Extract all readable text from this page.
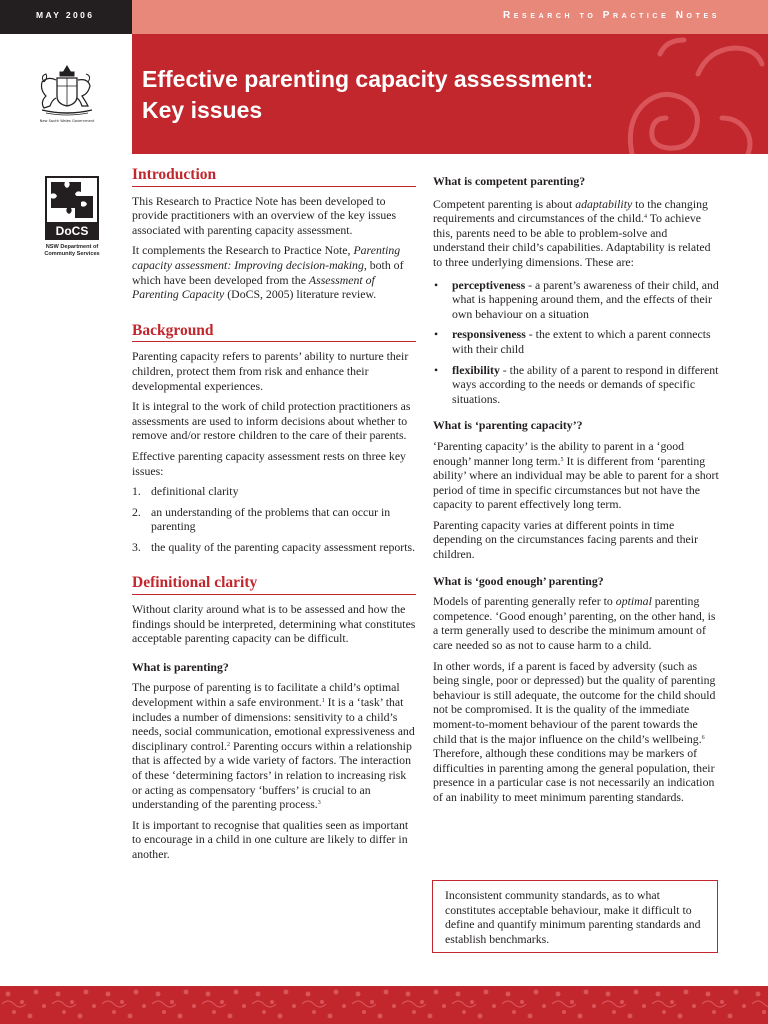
MAY 2006	Research to Practice Notes
New South Wales Government
Effective parenting capacity assessment:
Key issues
DoCS
NSW Department of
Community Services
Introduction

This Research to Practice Note has been developed to provide practitioners with an overview of the key issues associated with parenting capacity assessment.

It complements the Research to Practice Note, Parenting capacity assessment: Improving decision-making, both of which have been developed from the Assessment of Parenting Capacity (DoCS, 2005) literature review.

Background

Parenting capacity refers to parents’ ability to nurture their children, protect them from risk and enhance their developmental experiences.

It is integral to the work of child protection practitioners as assessments are used to inform decisions about whether to remove and/or restore children to the care of their parents.

Effective parenting capacity assessment rests on three key issues:

1. definitional clarity
2. an understanding of the problems that can occur in parenting
3. the quality of the parenting capacity assessment reports.
Definitional clarity

Without clarity around what is to be assessed and how the findings should be interpreted, determining what constitutes acceptable parenting capacity can be difficult.

What is parenting?

The purpose of parenting is to facilitate a child’s optimal development within a safe environment.$^1$ It is a ‘task’ that includes a number of dimensions: sensitivity to a child’s needs, social communication, emotional expressiveness and disciplinary control.$^2$ Parenting occurs within a relationship that is affected by a wide variety of factors. The interaction of these ‘determining factors’ in relation to increasing risk or acting as compensatory ‘buffers’ is crucial to an understanding of the parenting process.$^3$

It is important to recognise that qualities seen as important to encourage in a child in one culture are likely to differ in another.

What is competent parenting?

Competent parenting is about adaptability to the changing requirements and circumstances of the child.$^4$ To achieve this, parents need to be able to problem-solve and understand their child’s capabilities. Adaptability is related to three underlying dimensions. These are:

• perceptiveness - a parent’s awareness of their child, and what is happening around them, and the effects of their own behaviour on a situation
• responsiveness - the extent to which a parent connects with their child
• flexibility - the ability of a parent to respond in different ways according to the needs or demands of specific situations.
What is ‘parenting capacity’?

‘Parenting capacity’ is the ability to parent in a ‘good enough’ manner long term.$^5$ It is different from ‘parenting ability’ where an individual may be able to parent for a short period of time in specific circumstances but not have the capacity to parent effectively long term.

Parenting capacity varies at different points in time depending on the circumstances facing parents and their children.

What is ‘good enough’ parenting?

Models of parenting generally refer to optimal parenting competence. ‘Good enough’ parenting, on the other hand, is a term generally used to describe the minimum amount of care needed so as not to cause harm to a child.

In other words, if a parent is faced by adversity (such as being single, poor or depressed) but the quality of parenting behaviour is still adequate, the outcome for the child should not be compromised. It is the quality of the immediate moment-to-moment behaviour of the parent towards the child that is the major influence on the child’s wellbeing.$^6$ Therefore, although these conditions may be markers of difficulties in parenting among the general population, their presence in a particular case is not necessarily an indication of an inability to meet minimum parenting standards.

Inconsistent community standards, as to what constitutes acceptable behaviour, make it difficult to define and quantify minimum parenting standards and establish benchmarks.
